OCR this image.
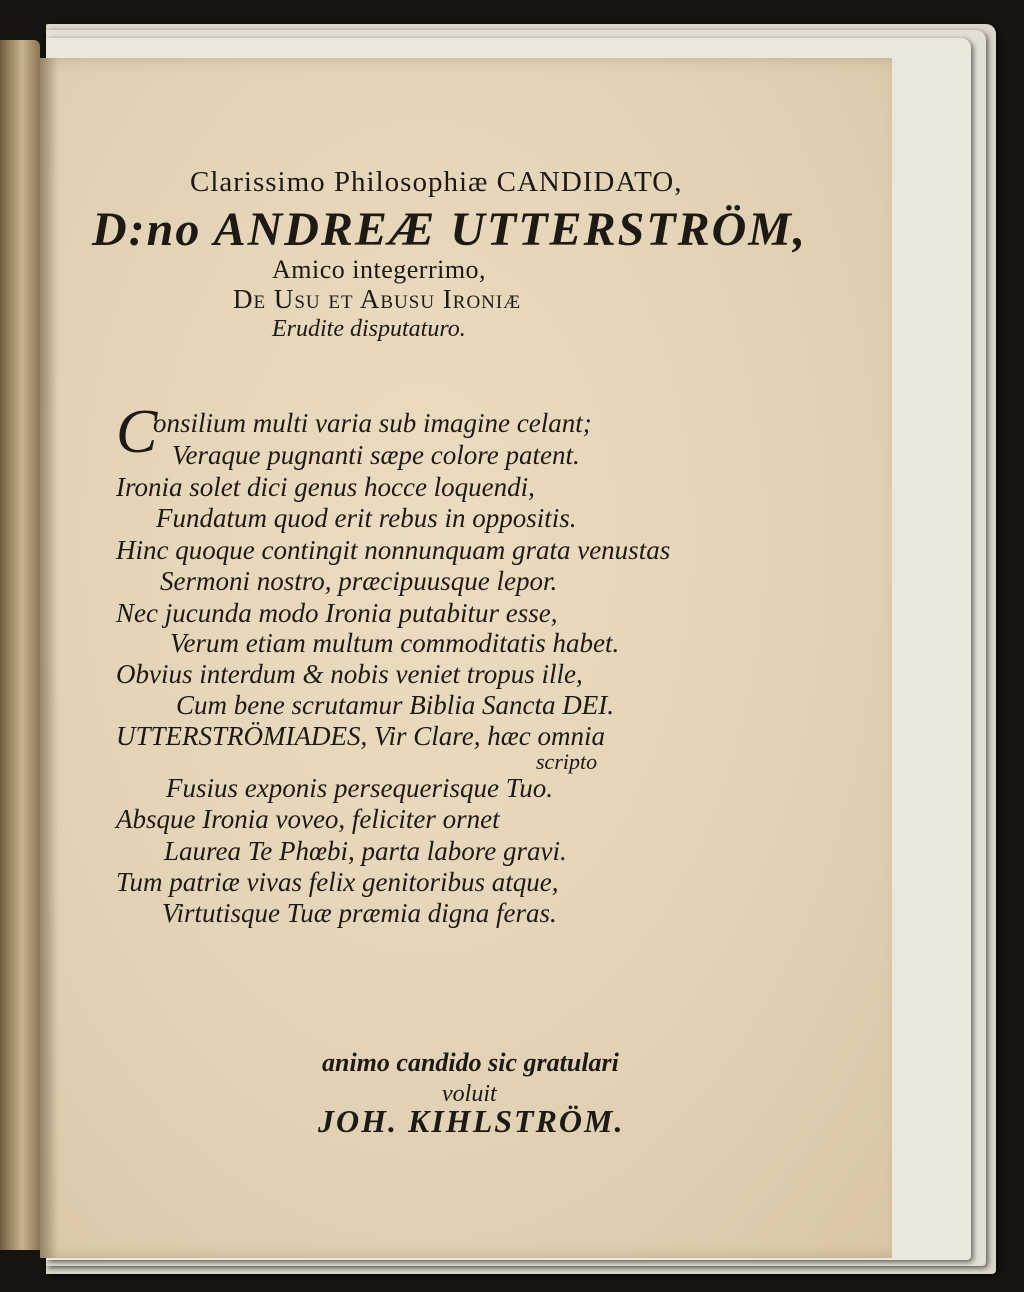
Clarissimo Philosophiæ CANDIDATO,
D:no ANDREÆ UTTERSTRÖM,
Amico integerrimo,
De Usu et Abusu Ironiæ
Erudite disputaturo.
C
onsilium multi varia sub imagine celant;
Veraque pugnanti sæpe colore patent.
Ironia solet dici genus hocce loquendi,
Fundatum quod erit rebus in oppositis.
Hinc quoque contingit nonnunquam grata venustas
Sermoni nostro, præcipuusque lepor.
Nec jucunda modo Ironia putabitur esse,
Verum etiam multum commoditatis habet.
Obvius interdum & nobis veniet tropus ille,
Cum bene scrutamur Biblia Sancta DEI.
UTTERSTRÖMIADES, Vir Clare, hæc omnia
scripto
Fusius exponis persequerisque Tuo.
Absque Ironia voveo, feliciter ornet
Laurea Te Phœbi, parta labore gravi.
Tum patriæ vivas felix genitoribus atque,
Virtutisque Tuæ præmia digna feras.
animo candido sic gratulari
voluit
JOH. KIHLSTRÖM.
